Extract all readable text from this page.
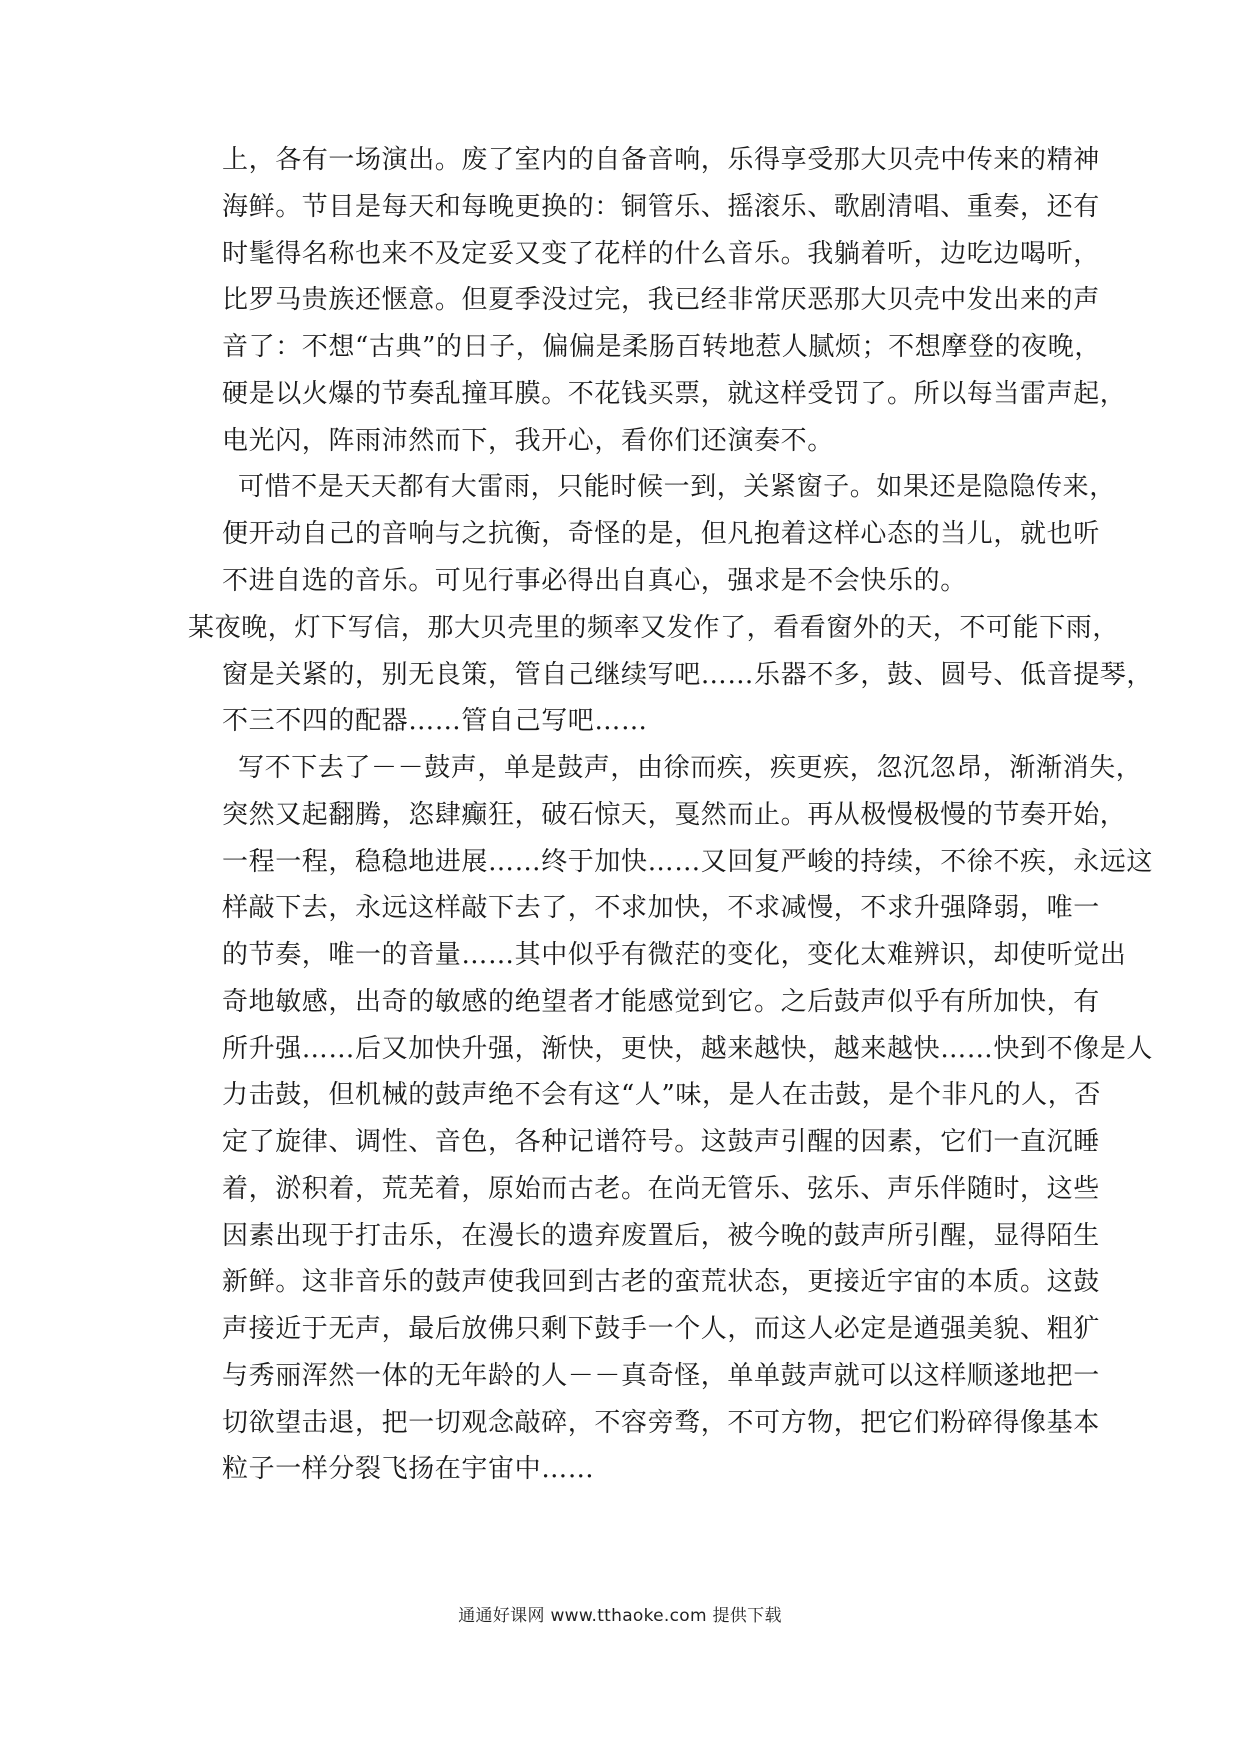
上，各有一场演出。废了室内的自备音响，乐得享受那大贝壳中传来的精神
海鲜。节目是每天和每晚更换的：铜管乐、摇滚乐、歌剧清唱、重奏，还有
时髦得名称也来不及定妥又变了花样的什么音乐。我躺着听，边吃边喝听，
比罗马贵族还惬意。但夏季没过完，我已经非常厌恶那大贝壳中发出来的声
音了：不想“古典”的日子，偏偏是柔肠百转地惹人腻烦；不想摩登的夜晚，
硬是以火爆的节奏乱撞耳膜。不花钱买票，就这样受罚了。所以每当雷声起，
电光闪，阵雨沛然而下，我开心，看你们还演奏不。
可惜不是天天都有大雷雨，只能时候一到，关紧窗子。如果还是隐隐传来，
便开动自己的音响与之抗衡，奇怪的是，但凡抱着这样心态的当儿，就也听
不进自选的音乐。可见行事必得出自真心，强求是不会快乐的。
某夜晚，灯下写信，那大贝壳里的频率又发作了，看看窗外的天，不可能下雨，
窗是关紧的，别无良策，管自己继续写吧……乐器不多，鼓、圆号、低音提琴，
不三不四的配器……管自己写吧……
写不下去了－－鼓声，单是鼓声，由徐而疾，疾更疾，忽沉忽昂，渐渐消失，
突然又起翻腾，恣肆癫狂，破石惊天，戛然而止。再从极慢极慢的节奏开始，
一程一程，稳稳地进展……终于加快……又回复严峻的持续，不徐不疾，永远这
样敲下去，永远这样敲下去了，不求加快，不求减慢，不求升强降弱，唯一
的节奏，唯一的音量……其中似乎有微茫的变化，变化太难辨识，却使听觉出
奇地敏感，出奇的敏感的绝望者才能感觉到它。之后鼓声似乎有所加快，有
所升强……后又加快升强，渐快，更快，越来越快，越来越快……快到不像是人
力击鼓，但机械的鼓声绝不会有这“人”味，是人在击鼓，是个非凡的人，否
定了旋律、调性、音色，各种记谱符号。这鼓声引醒的因素，它们一直沉睡
着，淤积着，荒芜着，原始而古老。在尚无管乐、弦乐、声乐伴随时，这些
因素出现于打击乐，在漫长的遗弃废置后，被今晚的鼓声所引醒，显得陌生
新鲜。这非音乐的鼓声使我回到古老的蛮荒状态，更接近宇宙的本质。这鼓
声接近于无声，最后放佛只剩下鼓手一个人，而这人必定是遒强美貌、粗犷
与秀丽浑然一体的无年龄的人－－真奇怪，单单鼓声就可以这样顺遂地把一
切欲望击退，把一切观念敲碎，不容旁骛，不可方物，把它们粉碎得像基本
粒子一样分裂飞扬在宇宙中……
通通好课网 www.tthaoke.com 提供下载
